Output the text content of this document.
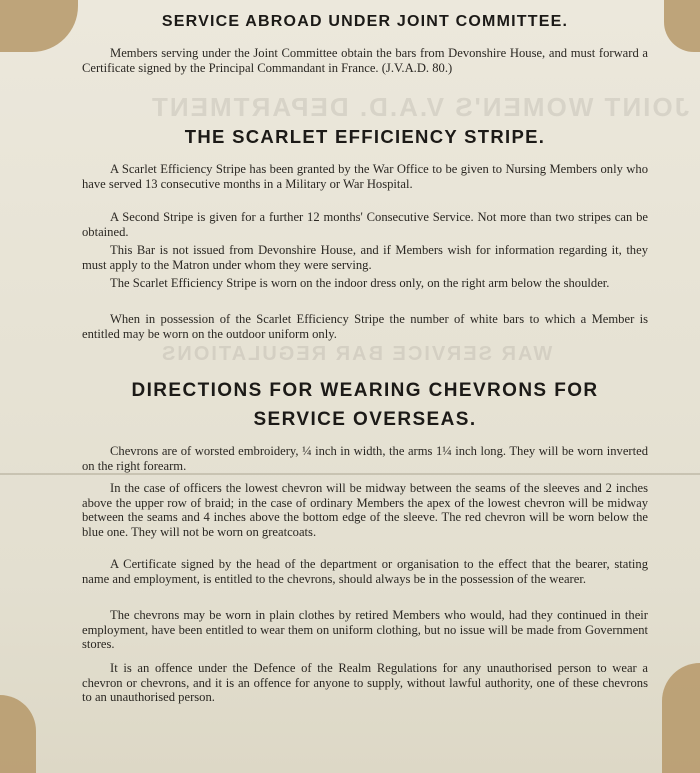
JOINT WOMEN'S V.A.D. DEPARTMENT
WAR SERVICE BAR REGULATIONS
SERVICE ABROAD UNDER JOINT COMMITTEE.

Members serving under the Joint Committee obtain the bars from Devonshire House, and must forward a Certificate signed by the Principal Commandant in France. (J.V.A.D. 80.)

THE SCARLET EFFICIENCY STRIPE.

A Scarlet Efficiency Stripe has been granted by the War Office to be given to Nursing Members only who have served 13 consecutive months in a Military or War Hospital.

A Second Stripe is given for a further 12 months' Consecutive Service. Not more than two stripes can be obtained.

This Bar is not issued from Devonshire House, and if Members wish for information regarding it, they must apply to the Matron under whom they were serving.

The Scarlet Efficiency Stripe is worn on the indoor dress only, on the right arm below the shoulder.

When in possession of the Scarlet Efficiency Stripe the number of white bars to which a Member is entitled may be worn on the outdoor uniform only.

DIRECTIONS FOR WEARING CHEVRONS FOR SERVICE OVERSEAS.

Chevrons are of worsted embroidery, ¼ inch in width, the arms 1¼ inch long. They will be worn inverted on the right forearm.

In the case of officers the lowest chevron will be midway between the seams of the sleeves and 2 inches above the upper row of braid; in the case of ordinary Members the apex of the lowest chevron will be midway between the seams and 4 inches above the bottom edge of the sleeve. The red chevron will be worn below the blue one. They will not be worn on greatcoats.

A Certificate signed by the head of the department or organisation to the effect that the bearer, stating name and employment, is entitled to the chevrons, should always be in the possession of the wearer.

The chevrons may be worn in plain clothes by retired Members who would, had they continued in their employment, have been entitled to wear them on uniform clothing, but no issue will be made from Government stores.

It is an offence under the Defence of the Realm Regulations for any unauthorised person to wear a chevron or chevrons, and it is an offence for anyone to supply, without lawful authority, one of these chevrons to an unauthorised person.
